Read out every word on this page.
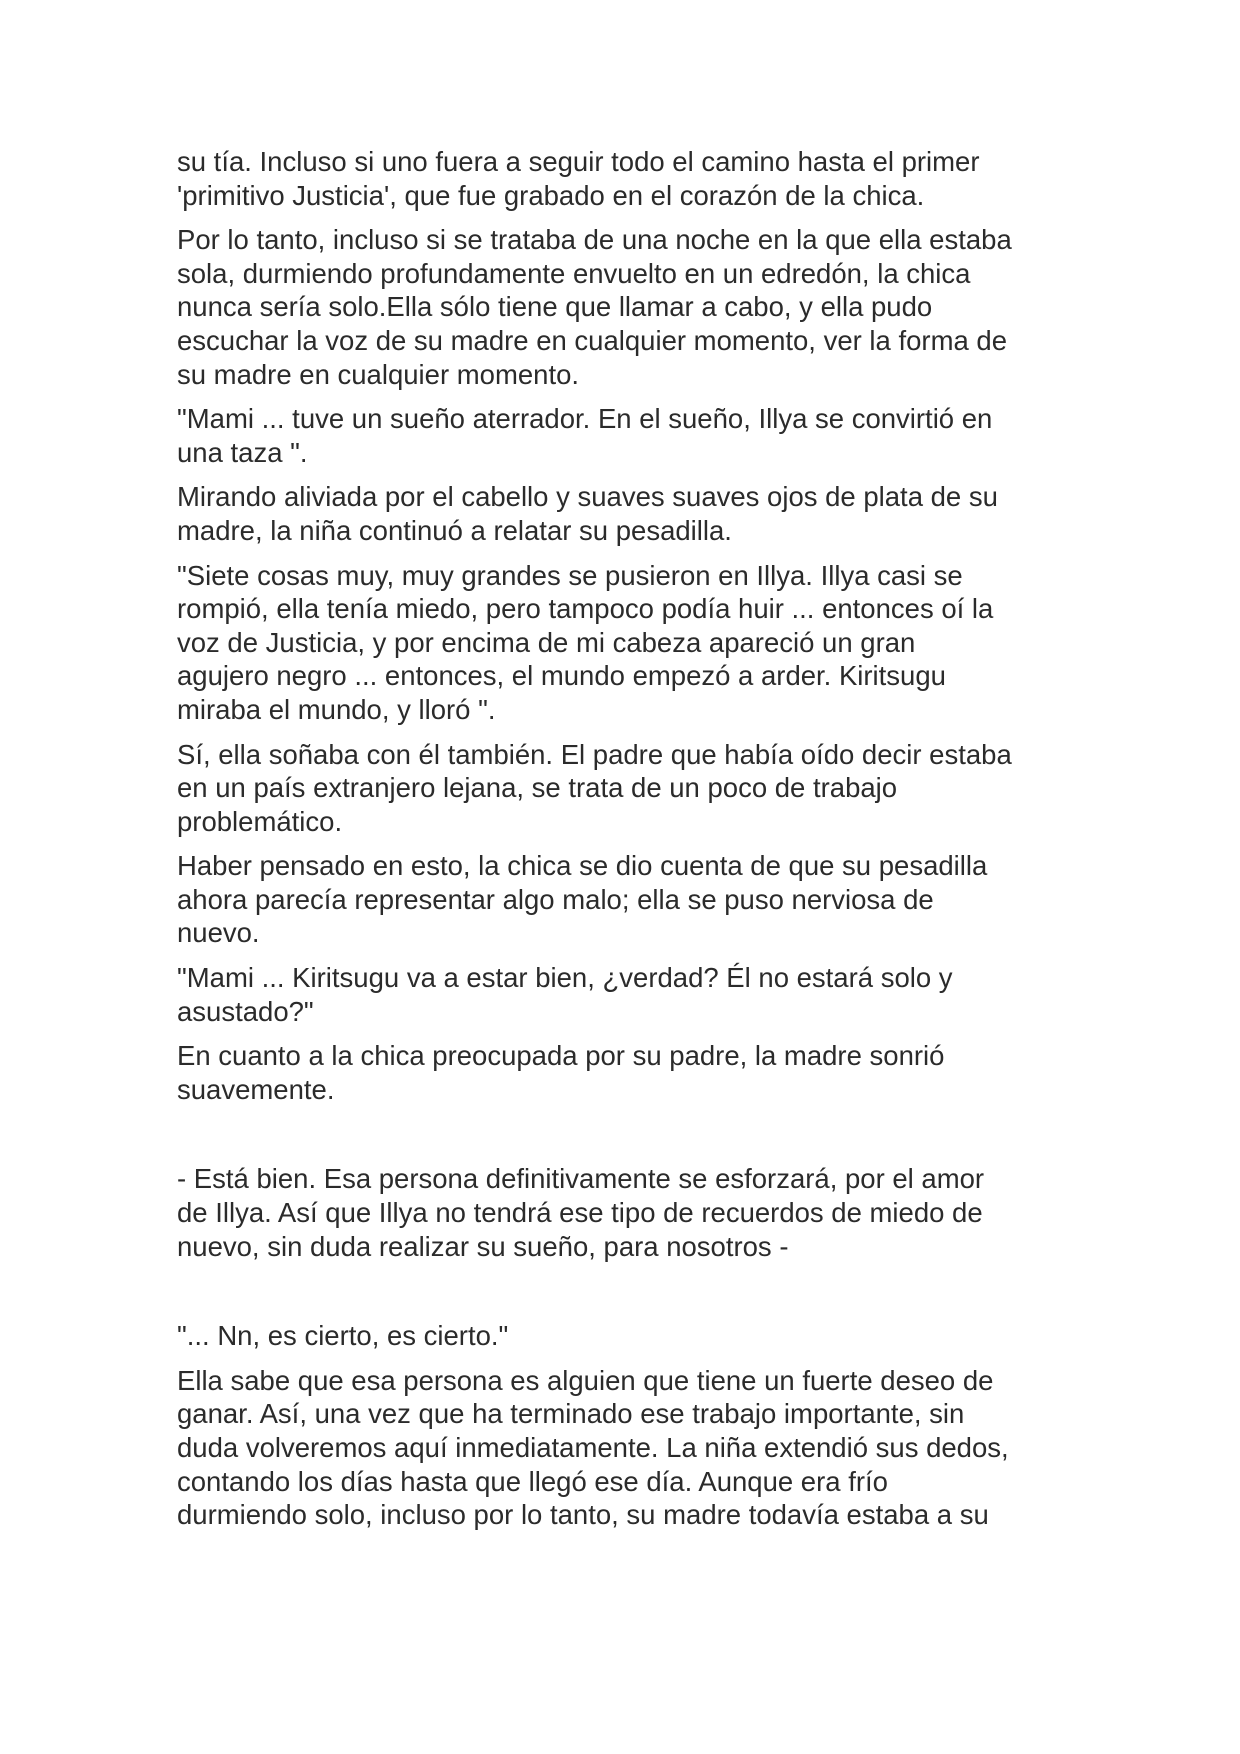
su tía. Incluso si uno fuera a seguir todo el camino hasta el primer
'primitivo Justicia', que fue grabado en el corazón de la chica.

Por lo tanto, incluso si se trataba de una noche en la que ella estaba
sola, durmiendo profundamente envuelto en un edredón, la chica
nunca sería solo.Ella sólo tiene que llamar a cabo, y ella pudo
escuchar la voz de su madre en cualquier momento, ver la forma de
su madre en cualquier momento.

"Mami ... tuve un sueño aterrador. En el sueño, Illya se convirtió en
una taza ".

Mirando aliviada por el cabello y suaves suaves ojos de plata de su
madre, la niña continuó a relatar su pesadilla.

"Siete cosas muy, muy grandes se pusieron en Illya. Illya casi se
rompió, ella tenía miedo, pero tampoco podía huir ... entonces oí la
voz de Justicia, y por encima de mi cabeza apareció un gran
agujero negro ... entonces, el mundo empezó a arder. Kiritsugu
miraba el mundo, y lloró ".

Sí, ella soñaba con él también. El padre que había oído decir estaba
en un país extranjero lejana, se trata de un poco de trabajo
problemático.

Haber pensado en esto, la chica se dio cuenta de que su pesadilla
ahora parecía representar algo malo; ella se puso nerviosa de
nuevo.

"Mami ... Kiritsugu va a estar bien, ¿verdad? Él no estará solo y
asustado?"

En cuanto a la chica preocupada por su padre, la madre sonrió
suavemente.

- Está bien. Esa persona definitivamente se esforzará, por el amor
de Illya. Así que Illya no tendrá ese tipo de recuerdos de miedo de
nuevo, sin duda realizar su sueño, para nosotros -

"... Nn, es cierto, es cierto."

Ella sabe que esa persona es alguien que tiene un fuerte deseo de
ganar. Así, una vez que ha terminado ese trabajo importante, sin
duda volveremos aquí inmediatamente. La niña extendió sus dedos,
contando los días hasta que llegó ese día. Aunque era frío
durmiendo solo, incluso por lo tanto, su madre todavía estaba a su
